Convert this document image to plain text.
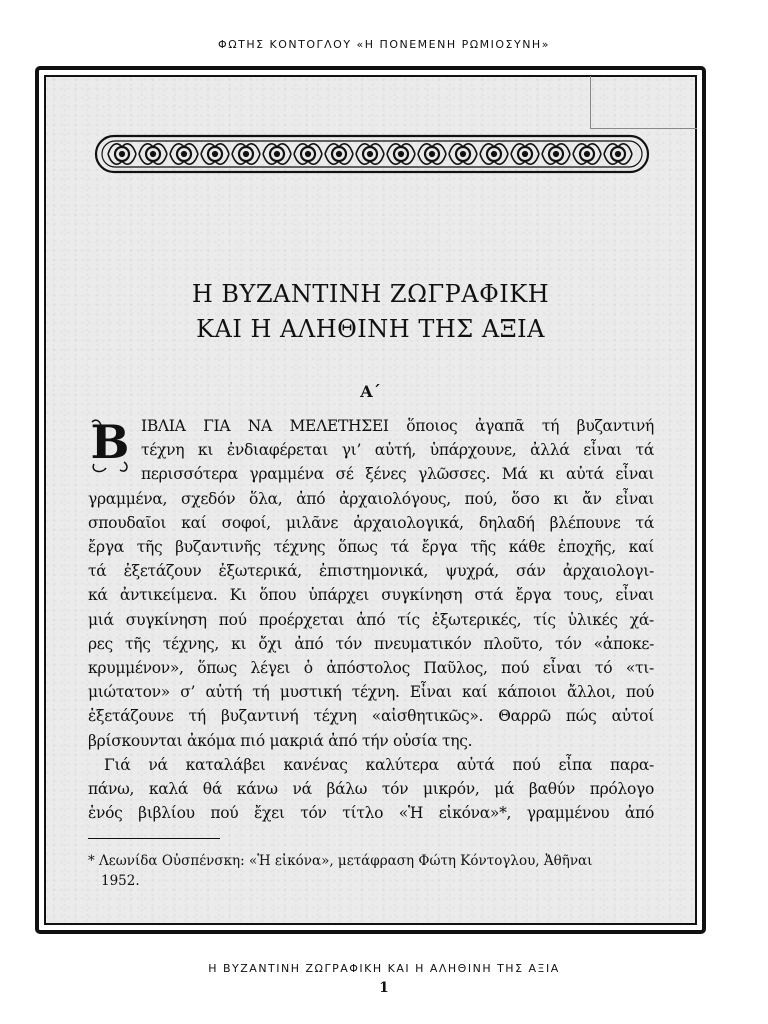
ΦΩΤΗΣ ΚΟΝΤΟΓΛΟΥ «Η ΠΟΝΕΜΕΝΗ ΡΩΜΙΟΣΥΝΗ»
Η ΒΥΖΑΝΤΙΝΗ ΖΩΓΡΑΦΙΚΗ
ΚΑΙ Η ΑΛΗΘΙΝΗ ΤΗΣ ΑΞΙΑ
Α΄
Β ΙΒΛΙΑ ΓΙΑ ΝΑ ΜΕΛΕΤΗΣΕΙ ὅποιος ἀγαπᾶ τή βυζαντινή
τέχνη κι ἐνδιαφέρεται γι’ αὐτή, ὑπάρχουνε, ἀλλά εἶναι τά
περισσότερα γραμμένα σέ ξένες γλῶσσες. Μά κι αὐτά εἶναι
γραμμένα, σχεδόν ὅλα, ἀπό ἀρχαιολόγους, πού, ὅσο κι ἄν εἶναι
σπουδαῖοι καί σοφοί, μιλᾶνε ἀρχαιολογικά, δηλαδή βλέπουνε τά
ἔργα τῆς βυζαντινῆς τέχνης ὅπως τά ἔργα τῆς κάθε ἐποχῆς, καί
τά ἐξετάζουν ἐξωτερικά, ἐπιστημονικά, ψυχρά, σάν ἀρχαιολογι-
κά ἀντικείμενα. Κι ὅπου ὑπάρχει συγκίνηση στά ἔργα τους, εἶναι
μιά συγκίνηση πού προέρχεται ἀπό τίς ἐξωτερικές, τίς ὑλικές χά-
ρες τῆς τέχνης, κι ὄχι ἀπό τόν πνευματικόν πλοῦτο, τόν «ἀποκε-
κρυμμένον», ὅπως λέγει ὁ ἀπόστολος Παῦλος, πού εἶναι τό «τι-
μιώτατον» σ’ αὐτή τή μυστική τέχνη. Εἶναι καί κάποιοι ἄλλοι, πού
ἐξετάζουνε τή βυζαντινή τέχνη «αἰσθητικῶς». Θαρρῶ πώς αὐτοί
βρίσκουνται ἀκόμα πιό μακριά ἀπό τήν οὐσία της.
Γιά νά καταλάβει κανένας καλύτερα αὐτά πού εἶπα παρα-
πάνω, καλά θά κάνω νά βάλω τόν μικρόν, μά βαθύν πρόλογο
ἑνός βιβλίου πού ἔχει τόν τίτλο «Ἡ εἰκόνα»*, γραμμένου ἀπό
* Λεωνίδα Οὐσπένσκη: «Ἡ εἰκόνα», μετάφραση Φώτη Κόντογλου, Ἀθῆναι
1952.
Η ΒΥΖΑΝΤΙΝΗ ΖΩΓΡΑΦΙΚΗ ΚΑΙ Η ΑΛΗΘΙΝΗ ΤΗΣ ΑΞΙΑ
1
